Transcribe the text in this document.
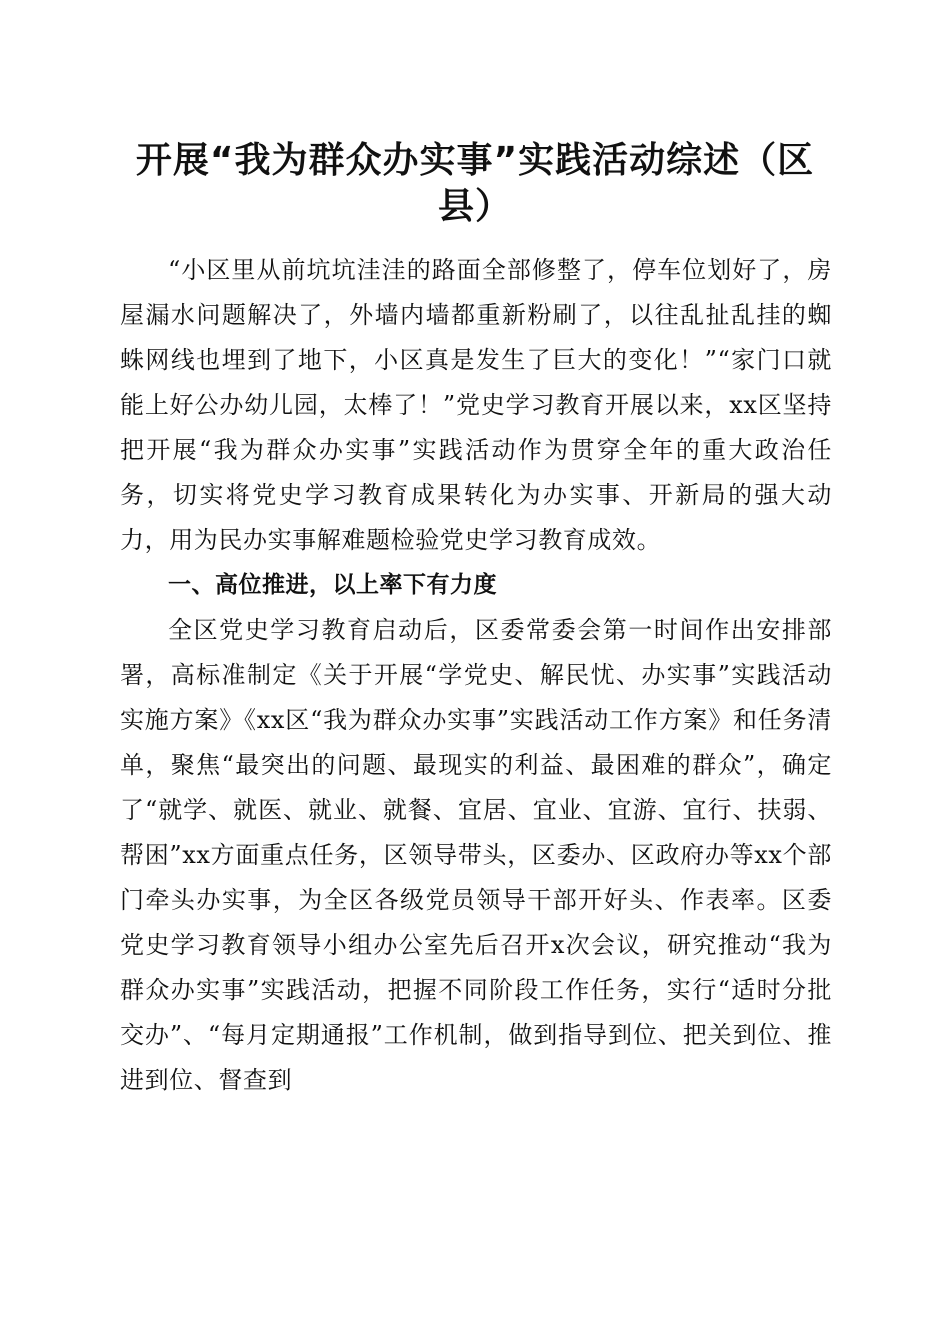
开展“我为群众办实事”实践活动综述（区县）

“小区里从前坑坑洼洼的路面全部修整了，停车位划好了，房屋漏水问题解决了，外墙内墙都重新粉刷了，以往乱扯乱挂的蜘蛛网线也埋到了地下，小区真是发生了巨大的变化！”“家门口就能上好公办幼儿园，太棒了！”党史学习教育开展以来，xx区坚持把开展“我为群众办实事”实践活动作为贯穿全年的重大政治任务，切实将党史学习教育成果转化为办实事、开新局的强大动力，用为民办实事解难题检验党史学习教育成效。

一、高位推进，以上率下有力度

全区党史学习教育启动后，区委常委会第一时间作出安排部署，高标准制定《关于开展“学党史、解民忧、办实事”实践活动实施方案》《xx区“我为群众办实事”实践活动工作方案》和任务清单，聚焦“最突出的问题、最现实的利益、最困难的群众”，确定了“就学、就医、就业、就餐、宜居、宜业、宜游、宜行、扶弱、帮困”xx方面重点任务，区领导带头，区委办、区政府办等xx个部门牵头办实事，为全区各级党员领导干部开好头、作表率。区委党史学习教育领导小组办公室先后召开x次会议，研究推动“我为群众办实事”实践活动，把握不同阶段工作任务，实行“适时分批交办”、“每月定期通报”工作机制，做到指导到位、把关到位、推进到位、督查到
